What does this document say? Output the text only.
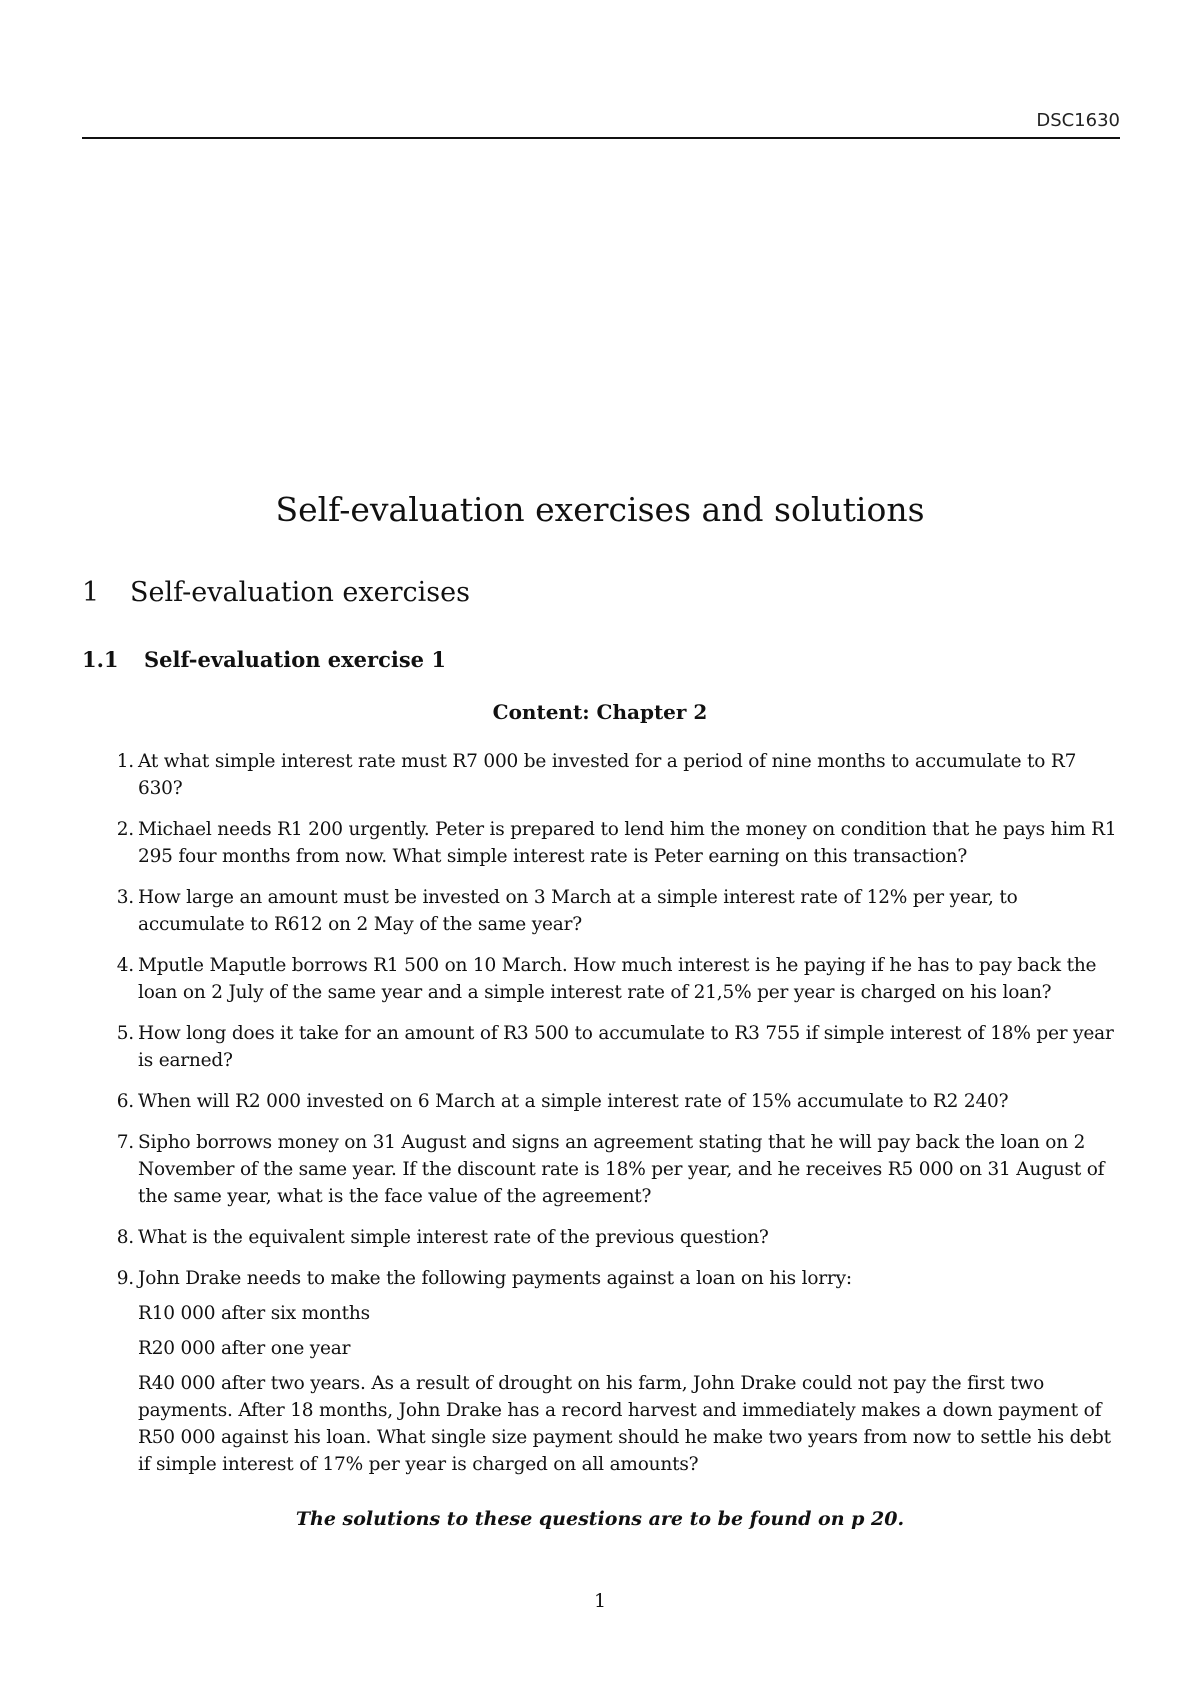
DSC1630
Self-evaluation exercises and solutions
1 Self-evaluation exercises
1.1 Self-evaluation exercise 1
Content: Chapter 2
1. At what simple interest rate must R7 000 be invested for a period of nine months to accumulate to R7 630?

2. Michael needs R1 200 urgently. Peter is prepared to lend him the money on condition that he pays him R1 295 four months from now. What simple interest rate is Peter earning on this transaction?

3. How large an amount must be invested on 3 March at a simple interest rate of 12% per year, to accumulate to R612 on 2 May of the same year?

4. Mputle Maputle borrows R1 500 on 10 March. How much interest is he paying if he has to pay back the loan on 2 July of the same year and a simple interest rate of 21,5% per year is charged on his loan?

5. How long does it take for an amount of R3 500 to accumulate to R3 755 if simple interest of 18% per year is earned?

6. When will R2 000 invested on 6 March at a simple interest rate of 15% accumulate to R2 240?

7. Sipho borrows money on 31 August and signs an agreement stating that he will pay back the loan on 2 November of the same year. If the discount rate is 18% per year, and he receives R5 000 on 31 August of the same year, what is the face value of the agreement?

8. What is the equivalent simple interest rate of the previous question?

9. John Drake needs to make the following payments against a loan on his lorry:

R10 000 after six months

R20 000 after one year

R40 000 after two years. As a result of drought on his farm, John Drake could not pay the first two payments. After 18 months, John Drake has a record harvest and immediately makes a down payment of R50 000 against his loan. What single size payment should he make two years from now to settle his debt if simple interest of 17% per year is charged on all amounts?

The solutions to these questions are to be found on p 20.
1
